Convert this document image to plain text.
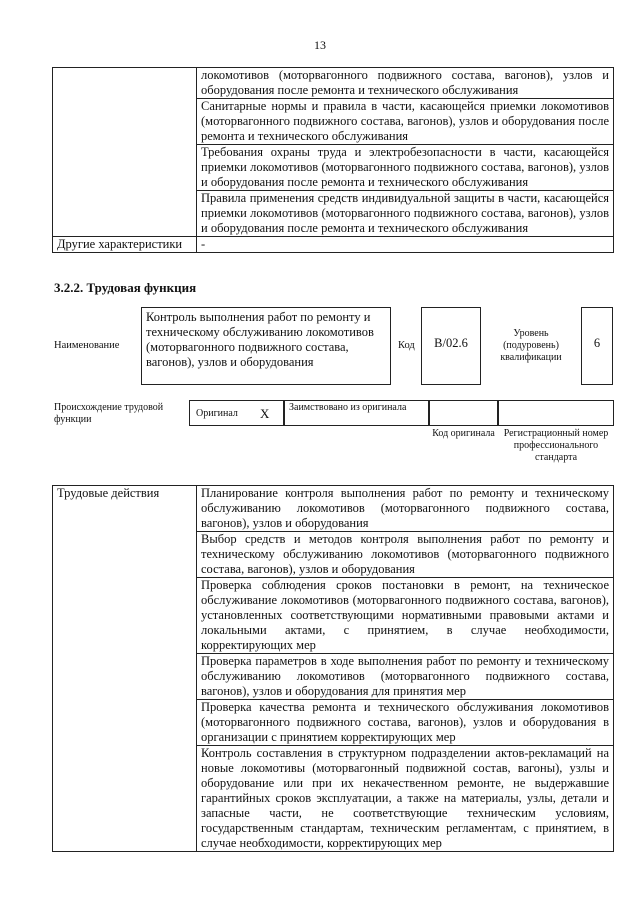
13
	локомотивов (моторвагонного подвижного состава, вагонов), узлов и оборудования после ремонта и технического обслуживания
	Санитарные нормы и правила в части, касающейся приемки локомотивов (моторвагонного подвижного состава, вагонов), узлов и оборудования после ремонта и технического обслуживания
	Требования охраны труда и электробезопасности в части, касающейся приемки локомотивов (моторвагонного подвижного состава, вагонов), узлов и оборудования после ремонта и технического обслуживания
	Правила применения средств индивидуальной защиты в части, касающейся приемки локомотивов (моторвагонного подвижного состава, вагонов), узлов и оборудования после ремонта и технического обслуживания
Другие характеристики	-
3.2.2. Трудовая функция
Наименование
Контроль выполнения работ по ремонту и техническому обслуживанию локомотивов (моторвагонного подвижного состава, вагонов), узлов и оборудования
Код	В/02.6
Уровень (подуровень) квалификации
6
Происхождение трудовой функции
Оригинал X Заимствовано из оригинала
Код оригинала Регистрационный номер профессионального стандарта
Трудовые действия	Планирование контроля выполнения работ по ремонту и техническому обслуживанию локомотивов (моторвагонного подвижного состава, вагонов), узлов и оборудования
Выбор средств и методов контроля выполнения работ по ремонту и техническому обслуживанию локомотивов (моторвагонного подвижного состава, вагонов), узлов и оборудования
Проверка соблюдения сроков постановки в ремонт, на техническое обслуживание локомотивов (моторвагонного подвижного состава, вагонов), установленных соответствующими нормативными правовыми актами и локальными актами, с принятием, в случае необходимости, корректирующих мер
Проверка параметров в ходе выполнения работ по ремонту и техническому обслуживанию локомотивов (моторвагонного подвижного состава, вагонов), узлов и оборудования для принятия мер
Проверка качества ремонта и технического обслуживания локомотивов (моторвагонного подвижного состава, вагонов), узлов и оборудования в организации с принятием корректирующих мер
Контроль составления в структурном подразделении актов-рекламаций на новые локомотивы (моторвагонный подвижной состав, вагоны), узлы и оборудование или при их некачественном ремонте, не выдержавшие гарантийных сроков эксплуатации, а также на материалы, узлы, детали и запасные части, не соответствующие техническим условиям, государственным стандартам, техническим регламентам, с принятием, в случае необходимости, корректирующих мер
